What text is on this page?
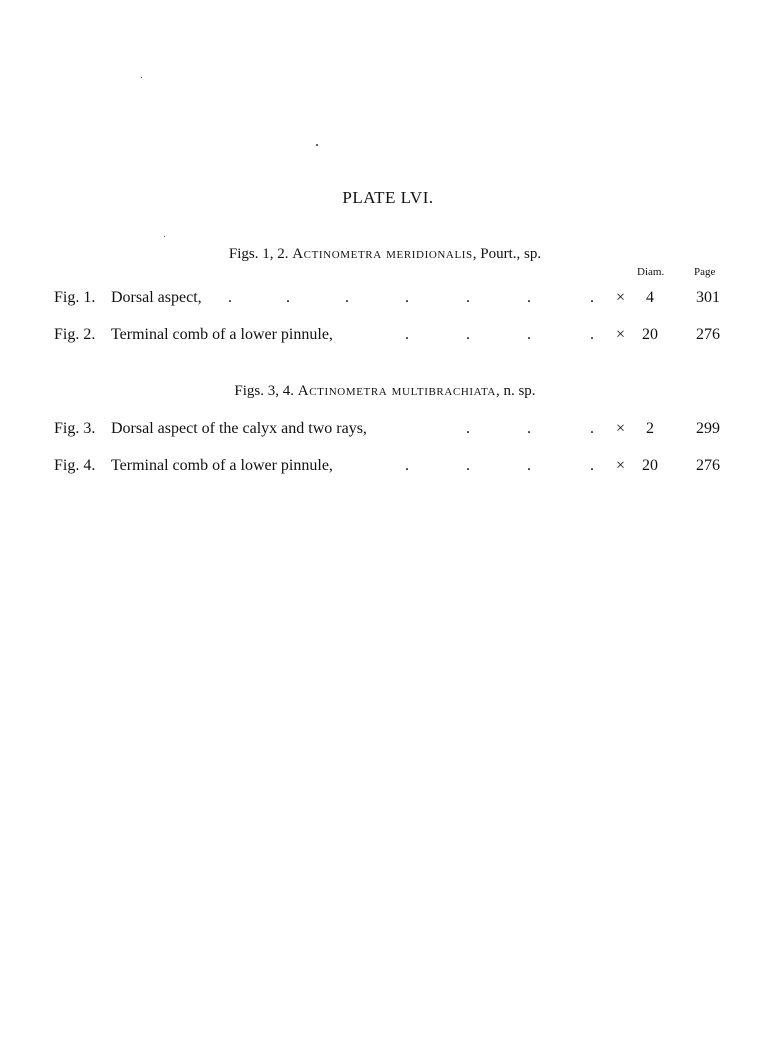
PLATE LVI.
Diam.	Page
Figs. 1, 2. Actinometra meridionalis, Pourt., sp.
Fig. 1. Dorsal aspect, .	.	.	.	.	.	. ×	4	301
Fig. 2. Terminal comb of a lower pinnule,	.	.	.	. × 20 276
Figs. 3, 4. Actinometra multibrachiata, n. sp.
Fig. 3. Dorsal aspect of the calyx and two rays,	.	.	. ×	2	299
Fig. 4. Terminal comb of a lower pinnule,	.	.	.	. × 20 276
